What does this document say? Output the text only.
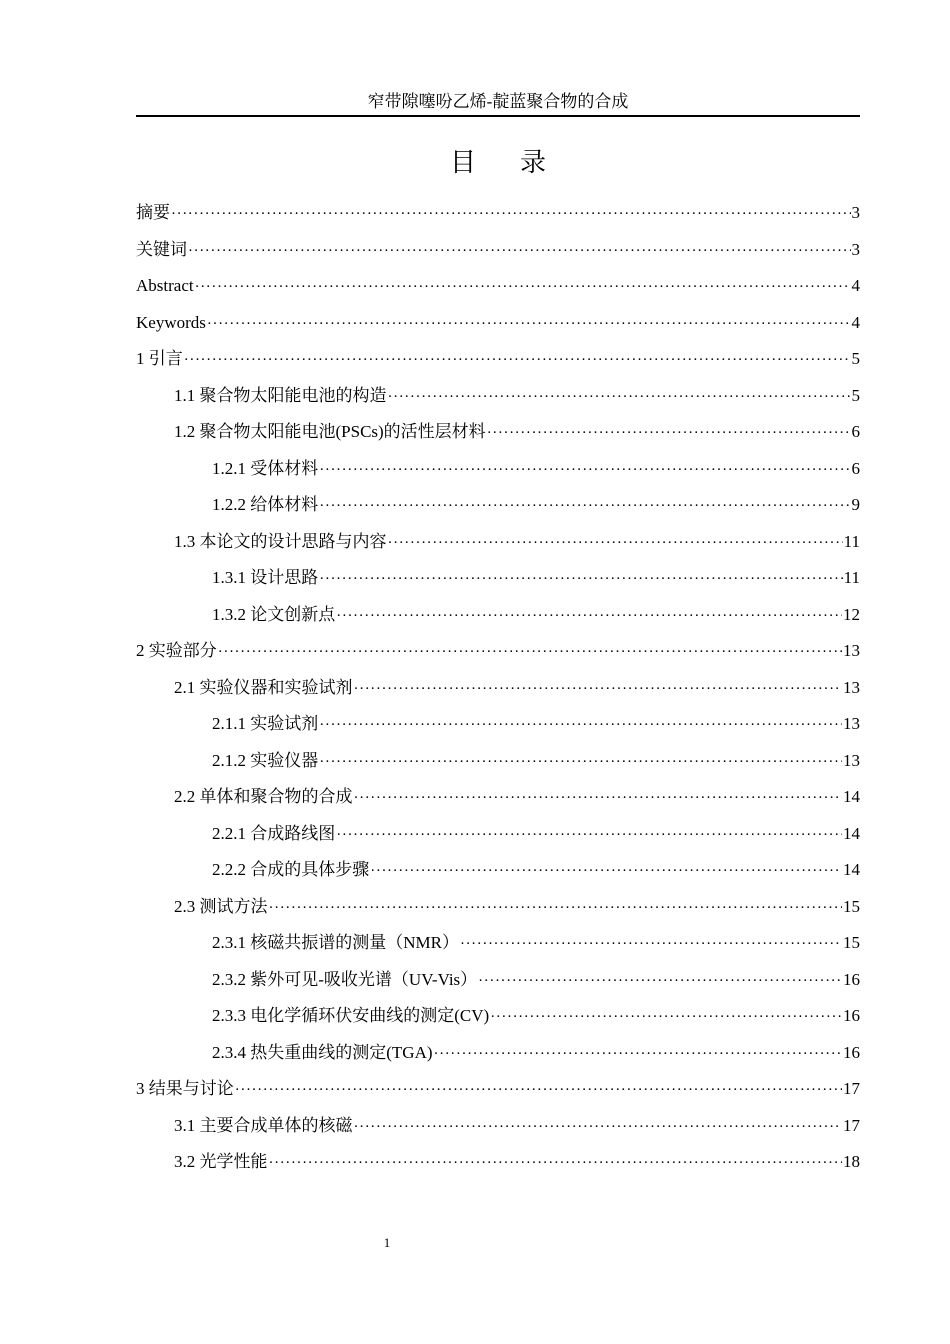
窄带隙噻吩乙烯-靛蓝聚合物的合成
目 录
摘要 ·····	3
关键词 ·····	3
Abstract ·····	4
Keywords ·····	4
1 引言 ·····	5
1.1 聚合物太阳能电池的构造 ·····	5
1.2 聚合物太阳能电池(PSCs)的活性层材料 ·····	6
1.2.1 受体材料 ·····	6
1.2.2 给体材料 ·····	9
1.3 本论文的设计思路与内容 ·····	11
1.3.1 设计思路 ·····	11
1.3.2 论文创新点 ·····	12
2 实验部分 ·····	13
2.1 实验仪器和实验试剂 ·····	13
2.1.1 实验试剂 ·····	13
2.1.2 实验仪器 ·····	13
2.2 单体和聚合物的合成 ·····	14
2.2.1 合成路线图 ·····	14
2.2.2 合成的具体步骤 ·····	14
2.3 测试方法 ·····	15
2.3.1 核磁共振谱的测量（NMR） ·····	15
2.3.2 紫外可见-吸收光谱（UV-Vis） ·····	16
2.3.3 电化学循环伏安曲线的测定(CV) ·····	16
2.3.4 热失重曲线的测定(TGA) ·····	16
3 结果与讨论 ·····	17
3.1 主要合成单体的核磁 ·····	17
3.2 光学性能 ·····	18
1
